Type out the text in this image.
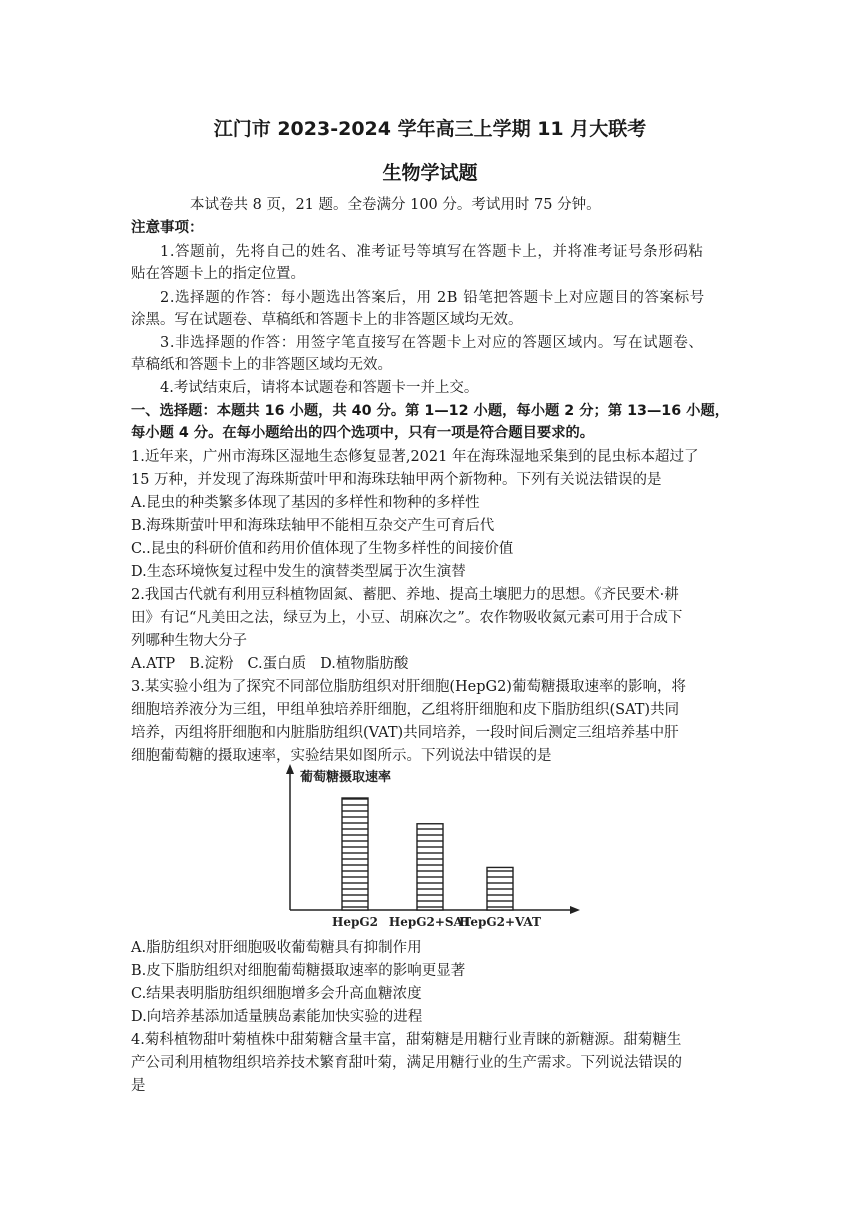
江门市 2023-2024 学年高三上学期 11 月大联考
生物学试题
本试卷共 8 页，21 题。全卷满分 100 分。考试用时 75 分钟。
注意事项：
1.答题前，先将自己的姓名、准考证号等填写在答题卡上，并将准考证号条形码粘
贴在答题卡上的指定位置。
2.选择题的作答：每小题选出答案后，用 2B 铅笔把答题卡上对应题目的答案标号
涂黑。写在试题卷、草稿纸和答题卡上的非答题区域均无效。
3.非选择题的作答：用签字笔直接写在答题卡上对应的答题区域内。写在试题卷、
草稿纸和答题卡上的非答题区域均无效。
4.考试结束后，请将本试题卷和答题卡一并上交。
一、选择题：本题共 16 小题，共 40 分。第 1—12 小题，每小题 2 分；第 13—16 小题，
每小题 4 分。在每小题给出的四个选项中，只有一项是符合题目要求的。
1.近年来，广州市海珠区湿地生态修复显著,2021 年在海珠湿地采集到的昆虫标本超过了
15 万种，并发现了海珠斯萤叶甲和海珠珐轴甲两个新物种。下列有关说法错误的是
A.昆虫的种类繁多体现了基因的多样性和物种的多样性
B.海珠斯萤叶甲和海珠珐轴甲不能相互杂交产生可育后代
C..昆虫的科研价值和药用价值体现了生物多样性的间接价值
D.生态环境恢复过程中发生的演替类型属于次生演替
2.我国古代就有利用豆科植物固氮、蓄肥、养地、提高土壤肥力的思想。《齐民要术·耕
田》有记“凡美田之法，绿豆为上，小豆、胡麻次之”。农作物吸收氮元素可用于合成下
列哪种生物大分子
A.ATP B.淀粉 C.蛋白质 D.植物脂肪酸
3.某实验小组为了探究不同部位脂肪组织对肝细胞(HepG2)葡萄糖摄取速率的影响，将
细胞培养液分为三组，甲组单独培养肝细胞，乙组将肝细胞和皮下脂肪组织(SAT)共同
培养，丙组将肝细胞和内脏脂肪组织(VAT)共同培养，一段时间后测定三组培养基中肝
细胞葡萄糖的摄取速率，实验结果如图所示。下列说法中错误的是
葡萄糖摄取速率
HepG2 HepG2+SAT
HepG2+VAT
A.脂肪组织对肝细胞吸收葡萄糖具有抑制作用
B.皮下脂肪组织对细胞葡萄糖摄取速率的影响更显著
C.结果表明脂肪组织细胞增多会升高血糖浓度
D.向培养基添加适量胰岛素能加快实验的进程
4.菊科植物甜叶菊植株中甜菊糖含量丰富，甜菊糖是用糖行业青睐的新糖源。甜菊糖生
产公司利用植物组织培养技术繁育甜叶菊，满足用糖行业的生产需求。下列说法错误的
是
